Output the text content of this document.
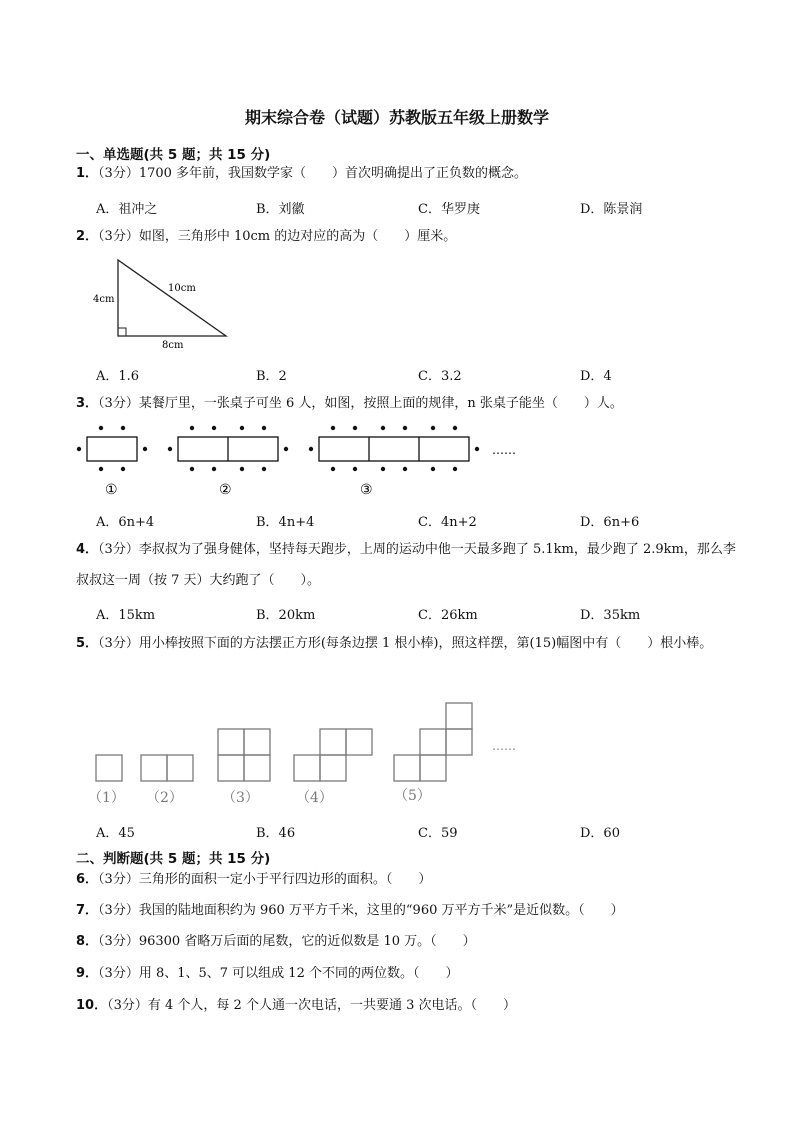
期末综合卷（试题）苏教版五年级上册数学
一、单选题(共 5 题；共 15 分)
1．（3分）1700 多年前，我国数学家（　　）首次明确提出了正负数的概念。
A．祖冲之	B．刘徽	C．华罗庚	D．陈景润
2．（3分）如图，三角形中 10cm 的边对应的高为（　　）厘米。
4cm
10cm
8cm
A．1.6	B．2	C．3.2	D．4
3．（3分）某餐厅里，一张桌子可坐 6 人，如图，按照上面的规律，n 张桌子能坐（　　）人。
……
①	②	③
A．6n+4	B．4n+4	C．4n+2	D．6n+6
4．（3分）李叔叔为了强身健体，坚持每天跑步，上周的运动中他一天最多跑了 5.1km，最少跑了 2.9km，那么李叔叔这一周（按 7 天）大约跑了（　　）。
A．15km	B．20km	C．26km	D．35km
5．（3分）用小棒按照下面的方法摆正方形(每条边摆 1 根小棒)，照这样摆，第(15)幅图中有（　　）根小棒。
……
（1） （2）	（3）	（4）	（5）
A．45	B．46	C．59	D．60
二、判断题(共 5 题；共 15 分)
6．（3分）三角形的面积一定小于平行四边形的面积。（　　）
7．（3分）我国的陆地面积约为 960 万平方千米，这里的“960 万平方千米”是近似数。（　　）
8．（3分）96300 省略万后面的尾数，它的近似数是 10 万。（　　）
9．（3分）用 8、1、5、7 可以组成 12 个不同的两位数。（　　）
10．（3分）有 4 个人，每 2 个人通一次电话，一共要通 3 次电话。（　　）
